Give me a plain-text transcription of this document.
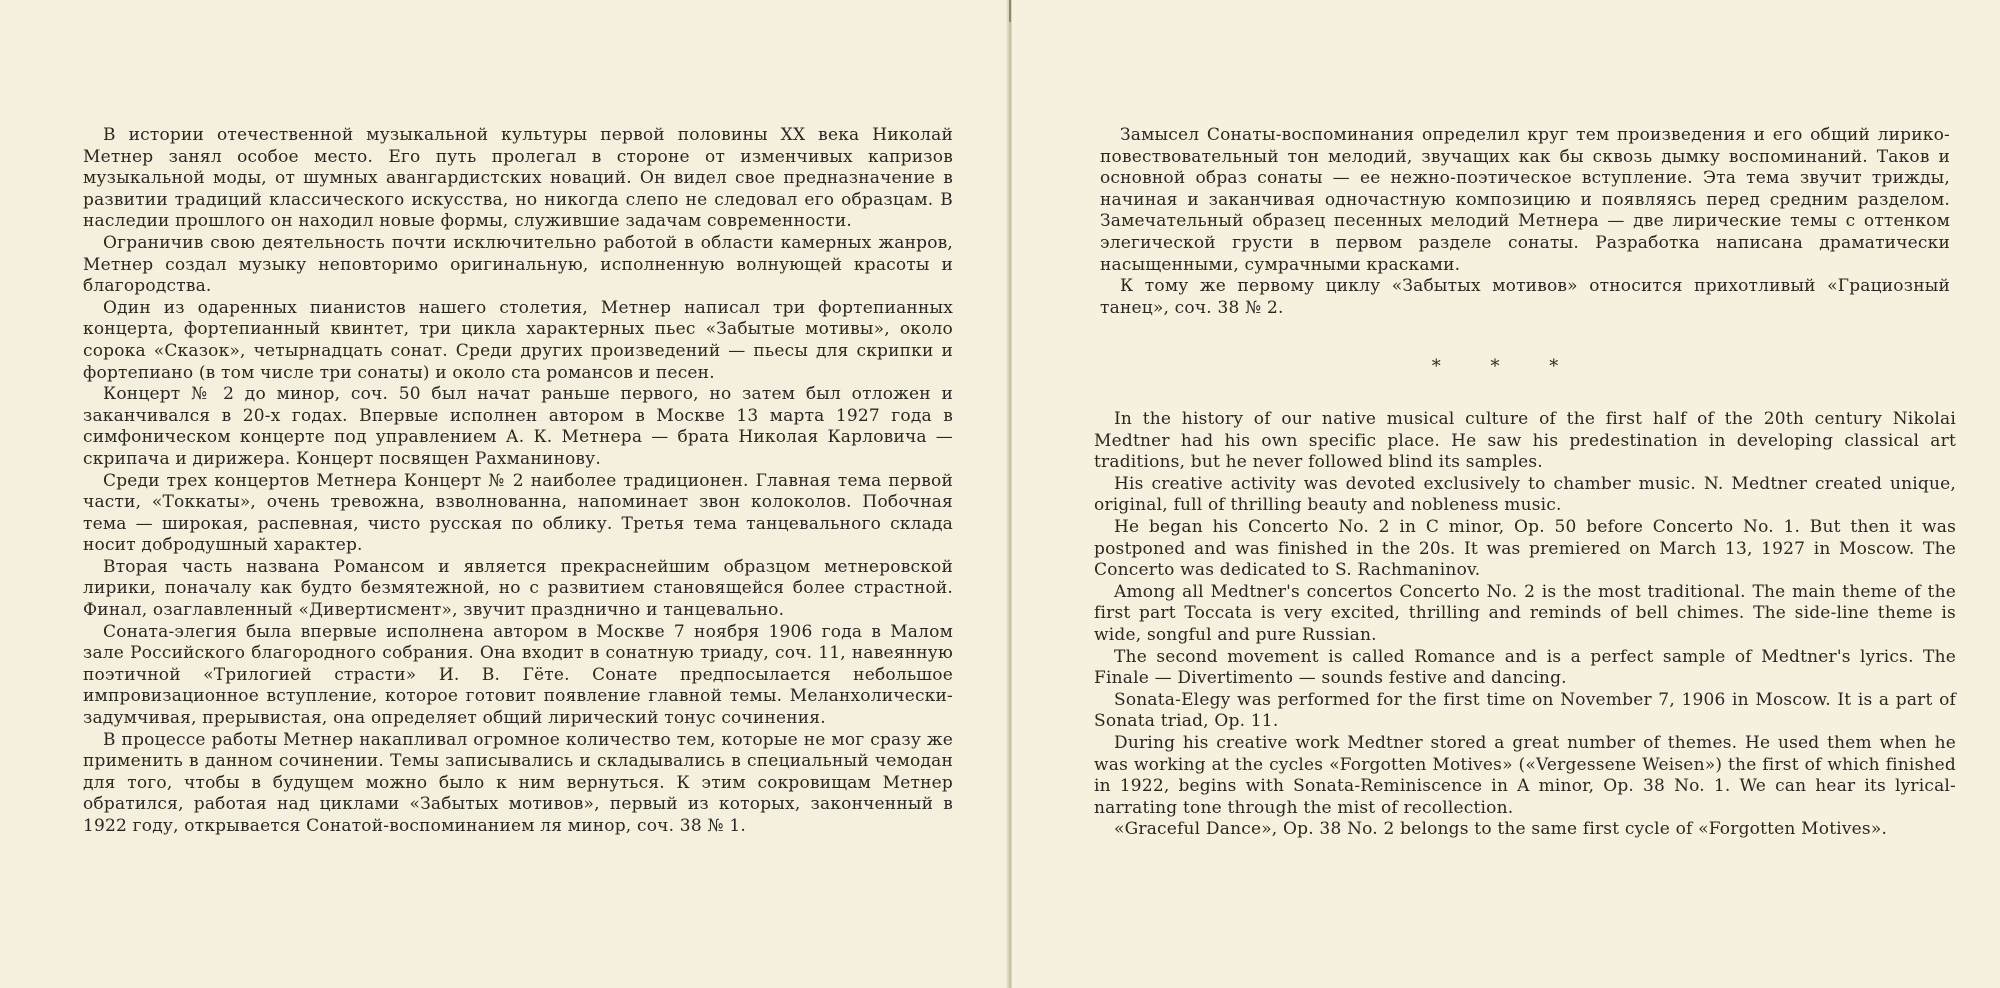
В истории отечественной музыкальной культуры первой половины XX века Николай Метнер занял особое место. Его путь пролегал в стороне от изменчивых капризов музыкальной моды, от шумных авангардистских новаций. Он видел свое предназначение в развитии традиций классического искусства, но никогда слепо не следовал его образцам. В наследии прошлого он находил новые формы, служившие задачам современности.

Ограничив свою деятельность почти исключительно работой в области камерных жанров, Метнер создал музыку неповторимо оригинальную, исполненную волнующей красоты и благородства.

Один из одаренных пианистов нашего столетия, Метнер написал три фортепианных концерта, фортепианный квинтет, три цикла характерных пьес «Забытые мотивы», около сорока «Сказок», четырнадцать сонат. Среди других произведений — пьесы для скрипки и фортепиано (в том числе три сонаты) и около ста романсов и песен.

Концерт № 2 до минор, соч. 50 был начат раньше первого, но затем был отложен и заканчивался в 20-х годах. Впервые исполнен автором в Москве 13 марта 1927 года в симфоническом концерте под управлением А. К. Метнера — брата Николая Карловича — скрипача и дирижера. Концерт посвящен Рахманинову.

Среди трех концертов Метнера Концерт № 2 наиболее традиционен. Главная тема первой части, «Токкаты», очень тревожна, взволнованна, напоминает звон колоколов. Побочная тема — широкая, распевная, чисто русская по облику. Третья тема танцевального склада носит добродушный характер.

Вторая часть названа Романсом и является прекраснейшим образцом метнеровской лирики, поначалу как будто безмятежной, но с развитием становящейся более страстной. Финал, озаглавленный «Дивертисмент», звучит празднично и танцевально.

Соната-элегия была впервые исполнена автором в Москве 7 ноября 1906 года в Малом зале Российского благородного собрания. Она входит в сонатную триаду, соч. 11, навеянную поэтичной «Трилогией страсти» И. В. Гёте. Сонате предпосылается небольшое импровизационное вступление, которое готовит появление главной темы. Меланхолически-задумчивая, прерывистая, она определяет общий лирический тонус сочинения.

В процессе работы Метнер накапливал огромное количество тем, которые не мог сразу же применить в данном сочинении. Темы записывались и складывались в специальный чемодан для того, чтобы в будущем можно было к ним вернуться. К этим сокровищам Метнер обратился, работая над циклами «Забытых мотивов», первый из которых, законченный в 1922 году, открывается Сонатой-воспоминанием ля минор, соч. 38 № 1.

Замысел Сонаты-воспоминания определил круг тем произведения и его общий лирико-повествовательный тон мелодий, звучащих как бы сквозь дымку воспоминаний. Таков и основной образ сонаты — ее нежно-поэтическое вступление. Эта тема звучит трижды, начиная и заканчивая одночастную композицию и появляясь перед средним разделом. Замечательный образец песенных мелодий Метнера — две лирические темы с оттенком элегической грусти в первом разделе сонаты. Разработка написана драматически насыщенными, сумрачными красками.

К тому же первому циклу «Забытых мотивов» относится прихотливый «Грациозный танец», соч. 38 № 2.

* * *

In the history of our native musical culture of the first half of the 20th century Nikolai Medtner had his own specific place. He saw his predestination in developing classical art traditions, but he never followed blind its samples.

His creative activity was devoted exclusively to chamber music. N. Medtner created unique, original, full of thrilling beauty and nobleness music.

He began his Concerto No. 2 in C minor, Op. 50 before Concerto No. 1. But then it was postponed and was finished in the 20s. It was premiered on March 13, 1927 in Moscow. The Concerto was dedicated to S. Rachmaninov.

Among all Medtner's concertos Concerto No. 2 is the most traditional. The main theme of the first part Toccata is very excited, thrilling and reminds of bell chimes. The side-line theme is wide, songful and pure Russian.

The second movement is called Romance and is a perfect sample of Medtner's lyrics. The Finale — Divertimento — sounds festive and dancing.

Sonata-Elegy was performed for the first time on November 7, 1906 in Moscow. It is a part of Sonata triad, Op. 11.

During his creative work Medtner stored a great number of themes. He used them when he was working at the cycles «Forgotten Motives» («Vergessene Weisen») the first of which finished in 1922, begins with Sonata-Reminiscence in A minor, Op. 38 No. 1. We can hear its lyrical-narrating tone through the mist of recollection.

«Graceful Dance», Op. 38 No. 2 belongs to the same first cycle of «Forgotten Motives».
